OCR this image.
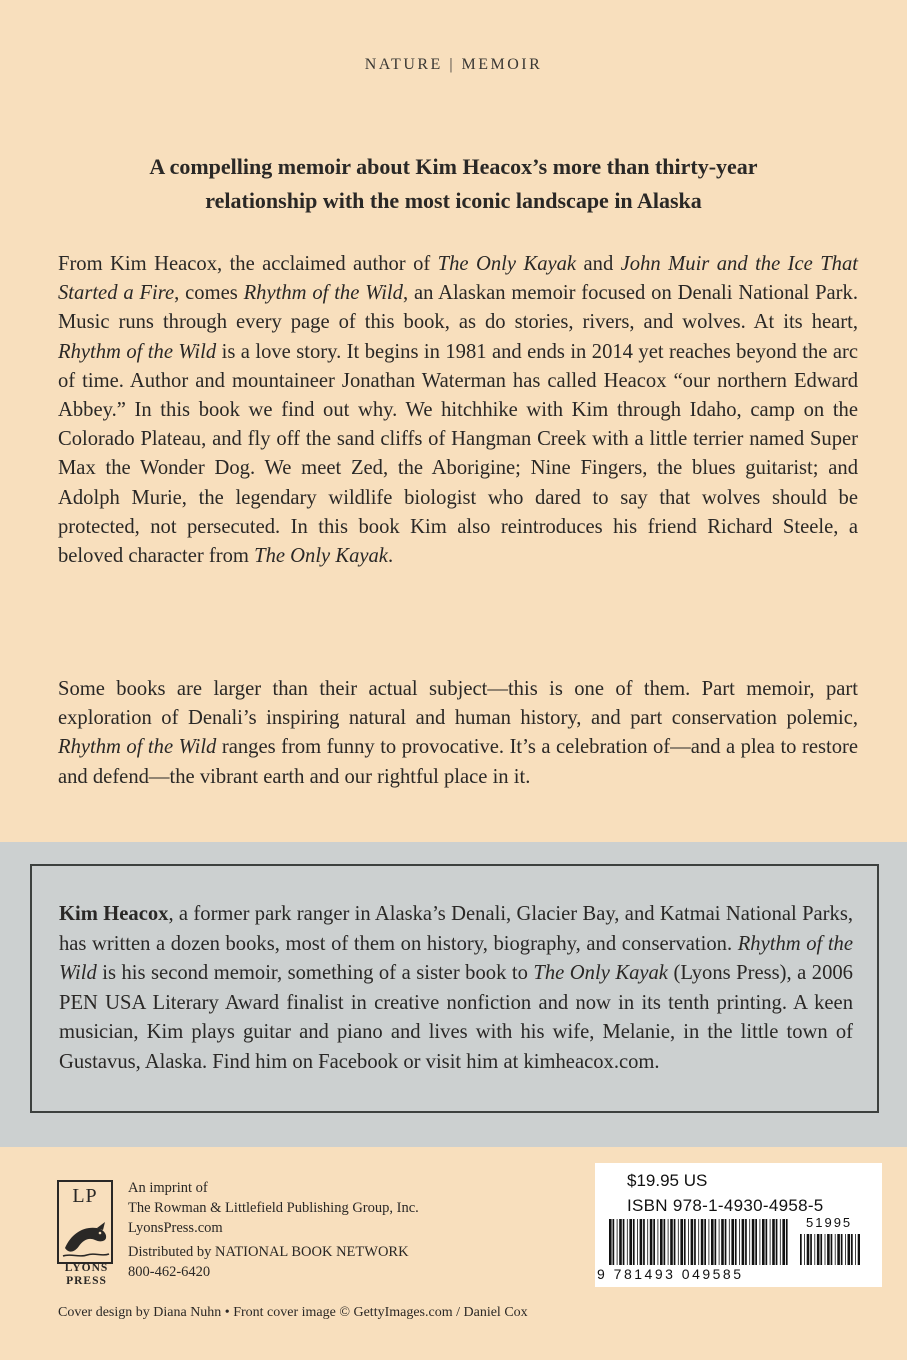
NATURE | MEMOIR
A compelling memoir about Kim Heacox’s more than thirty-year
relationship with the most iconic landscape in Alaska

From Kim Heacox, the acclaimed author of The Only Kayak and John Muir and the Ice That Started a Fire, comes Rhythm of the Wild, an Alaskan memoir focused on Denali National Park. Music runs through every page of this book, as do stories, rivers, and wolves. At its heart, Rhythm of the Wild is a love story. It begins in 1981 and ends in 2014 yet reaches beyond the arc of time. Author and mountaineer Jonathan Waterman has called Heacox “our northern Edward Abbey.” In this book we find out why. We hitchhike with Kim through Idaho, camp on the Colorado Plateau, and fly off the sand cliffs of Hangman Creek with a little terrier named Super Max the Wonder Dog. We meet Zed, the Aborigine; Nine Fingers, the blues guitarist; and Adolph Murie, the legendary wildlife biologist who dared to say that wolves should be protected, not persecuted. In this book Kim also reintroduces his friend Richard Steele, a beloved character from The Only Kayak.

Some books are larger than their actual subject—this is one of them. Part memoir, part exploration of Denali’s inspiring natural and human history, and part conservation polemic, Rhythm of the Wild ranges from funny to provocative. It’s a celebration of—and a plea to restore and defend—the vibrant earth and our rightful place in it.

Kim Heacox, a former park ranger in Alaska’s Denali, Glacier Bay, and Katmai National Parks, has written a dozen books, most of them on history, biography, and conservation. Rhythm of the Wild is his second memoir, something of a sister book to The Only Kayak (Lyons Press), a 2006 PEN USA Literary Award finalist in creative nonfiction and now in its tenth printing. A keen musician, Kim plays guitar and piano and lives with his wife, Melanie, in the little town of Gustavus, Alaska. Find him on Facebook or visit him at kimheacox.com.

LP
LYONS
PRESS
An imprint of
The Rowman & Littlefield Publishing Group, Inc.
LyonsPress.com
Distributed by NATIONAL BOOK NETWORK
800-462-6420
$19.95 US
ISBN 978-1-4930-4958-5
51995
9 781493 049585
Cover design by Diana Nuhn • Front cover image © GettyImages.com / Daniel Cox
